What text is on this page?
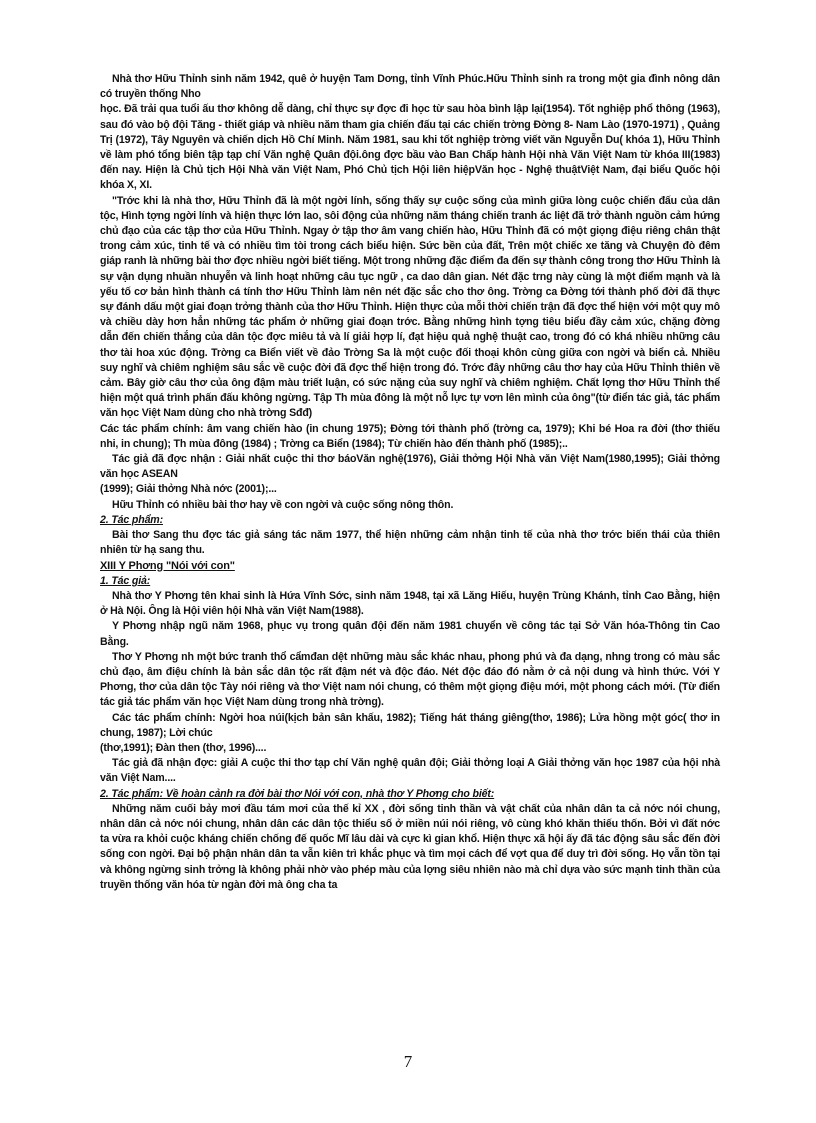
Nhà thơ Hữu Thỉnh sinh năm 1942, quê ở huyện Tam Dơng, tỉnh Vĩnh Phúc.Hữu Thỉnh sinh ra trong một gia đình nông dân có truyền thống Nho

học. Đã trải qua tuổi ấu thơ không dễ dàng, chỉ thực sự đợc đi học từ sau hòa bình lập lại(1954). Tốt nghiệp phổ thông (1963), sau đó vào bộ đội Tăng - thiết giáp và nhiều năm tham gia chiến đấu tại các chiến trờng Đờng 8- Nam Lào (1970-1971) , Quảng Trị (1972), Tây Nguyên và chiến dịch Hồ Chí Minh. Năm 1981, sau khi tốt nghiệp trờng viết văn Nguyễn Du( khóa 1), Hữu Thỉnh về làm phó tổng biên tập tạp chí Văn nghệ Quân đội.ông đợc bầu vào Ban Chấp hành Hội nhà Văn Việt Nam từ khóa III(1983) đến nay. Hiện là Chủ tịch Hội Nhà văn Việt Nam, Phó Chủ tịch Hội liên hiệpVăn học - Nghệ thuậtViệt Nam, đại biểu Quốc hội khóa X, XI.

"Trớc khi là nhà thơ, Hữu Thỉnh đã là một ngời lính, sống thấy sự cuộc sống của mình giữa lòng cuộc chiến đấu của dân tộc, Hình tợng ngời lính và hiện thực lớn lao, sôi động của những năm tháng chiến tranh ác liệt đã trở thành nguồn cảm hứng chủ đạo của các tập thơ của Hữu Thỉnh. Ngay ở tập thơ âm vang chiến hào, Hữu Thỉnh đã có một giọng điệu riêng chân thật trong cảm xúc, tinh tế và có nhiều tìm tòi trong cách biểu hiện. Sức bền của đất, Trên một chiếc xe tăng và Chuyện đò đêm giáp ranh là những bài thơ đợc nhiều ngời biết tiếng. Một trong những đặc điểm đa đến sự thành công trong thơ Hữu Thỉnh là sự vận dụng nhuần nhuyễn và linh hoạt những câu tục ngữ , ca dao dân gian. Nét đặc trng này cùng là một điểm mạnh và là yếu tố cơ bản hình thành cá tính thơ Hữu Thỉnh làm nên nét đặc sắc cho thơ ông. Trờng ca Đờng tới thành phố đời đã thực sự đánh dấu một giai đoạn trởng thành của thơ Hữu Thỉnh. Hiện thực của mỗi thời chiến trận đã đợc thể hiện với một quy mô và chiều dày hơn hẳn những tác phẩm ở những giai đoạn trớc. Bằng những hình tợng tiêu biểu đầy cảm xúc, chặng đờng dẫn đến chiến thắng của dân tộc đợc miêu tả và lí giải hợp lí, đạt hiệu quả nghệ thuật cao, trong đó có khá nhiều những câu thơ tài hoa xúc động. Trờng ca Biển viết về đảo Trờng Sa là một cuộc đối thoại khôn cùng giữa con ngời và biển cả. Nhiều suy nghĩ và chiêm nghiệm sâu sắc về cuộc đời đã đợc thể hiện trong đó. Trớc đây những câu thơ hay của Hữu Thỉnh thiên về cảm. Bây giờ câu thơ của ông đậm màu triết luận, có sức nặng của suy nghĩ và chiêm nghiệm. Chất lợng thơ Hữu Thỉnh thể hiện một quá trình phấn đấu không ngừng. Tập Th mùa đông là một nỗ lực tự vơn lên mình của ông"(từ điển tác giả, tác phẩm văn học Việt Nam dùng cho nhà trờng Sđđ)

Các tác phẩm chính: âm vang chiến hào (in chung 1975); Đờng tới thành phố (trờng ca, 1979); Khi bé Hoa ra đời (thơ thiếu nhi, in chung); Th mùa đông (1984) ; Trờng ca Biển (1984); Từ chiến hào đến thành phố (1985);..

Tác giả đã đợc nhận : Giải nhất cuộc thi thơ báoVăn nghệ(1976), Giải thởng Hội Nhà văn Việt Nam(1980,1995); Giải thởng văn học ASEAN

(1999); Giải thởng Nhà nớc (2001);...

Hữu Thỉnh có nhiều bài thơ hay về con ngời và cuộc sống nông thôn.

2. Tác phẩm:

Bài thơ Sang thu đợc tác giả sáng tác năm 1977, thể hiện những cảm nhận tinh tế của nhà thơ trớc biến thái của thiên nhiên từ hạ sang thu.

XIII Y Phơng "Nói với con"

1. Tác giả:

Nhà thơ Y Phơng tên khai sinh là Hứa Vĩnh Sớc, sinh năm 1948, tại xã Lăng Hiếu, huyện Trùng Khánh, tỉnh Cao Bằng, hiện ở Hà Nội. Ông là Hội viên hội Nhà văn Việt Nam(1988).

Y Phơng nhập ngũ năm 1968, phục vụ trong quân đội đến năm 1981 chuyển về công tác tại Sở Văn hóa-Thông tin Cao Bằng.

Thơ Y Phơng nh một bức tranh thổ cẩmđan dệt những màu sắc khác nhau, phong phú và đa dạng, nhng trong có màu sắc chủ đạo, âm điệu chính là bản sắc dân tộc rất đậm nét và độc đáo. Nét độc đáo đó nằm ở cả nội dung và hình thức. Với Y Phơng, thơ của dân tộc Tày nói riêng và thơ Việt nam nói chung, có thêm một giọng điệu mới, một phong cách mới. (Từ điển tác giả tác phẩm văn học Việt Nam dùng trong nhà trờng).

Các tác phẩm chính: Ngời hoa núi(kịch bản sân khấu, 1982); Tiếng hát tháng giêng(thơ, 1986); Lửa hồng một góc( thơ in chung, 1987); Lời chúc

(thơ,1991); Đàn then (thơ, 1996)....

Tác giả đã nhận đợc: giải A cuộc thi thơ tạp chí Văn nghệ quân đội; Giải thởng loại A Giải thởng văn học 1987 của hội nhà văn Việt Nam....

2. Tác phẩm: Về hoàn cảnh ra đời bài thơ Nói với con, nhà thơ Y Phơng cho biết:

Những năm cuối bảy mơi đầu tám mơi của thế kỉ XX , đời sống tinh thần và vật chất của nhân dân ta cả nớc nói chung, nhân dân cả nớc nói chung, nhân dân các dân tộc thiểu số ở miền núi nói riêng, vô cùng khó khăn thiếu thốn. Bởi vì đất nớc ta vừa ra khỏi cuộc kháng chiến chống đế quốc Mĩ lâu dài và cực kì gian khổ. Hiện thực xã hội ấy đã tác động sâu sắc đến đời sống con ngời. Đại bộ phận nhân dân ta vẫn kiên trì khắc phục và tìm mọi cách để vợt qua để duy trì đời sống. Họ vẫn tồn tại và không ngừng sinh trởng là không phải nhờ vào phép màu của lợng siêu nhiên nào mà chỉ dựa vào sức mạnh tinh thần của truyền thống văn hóa từ ngàn đời mà ông cha ta

7
